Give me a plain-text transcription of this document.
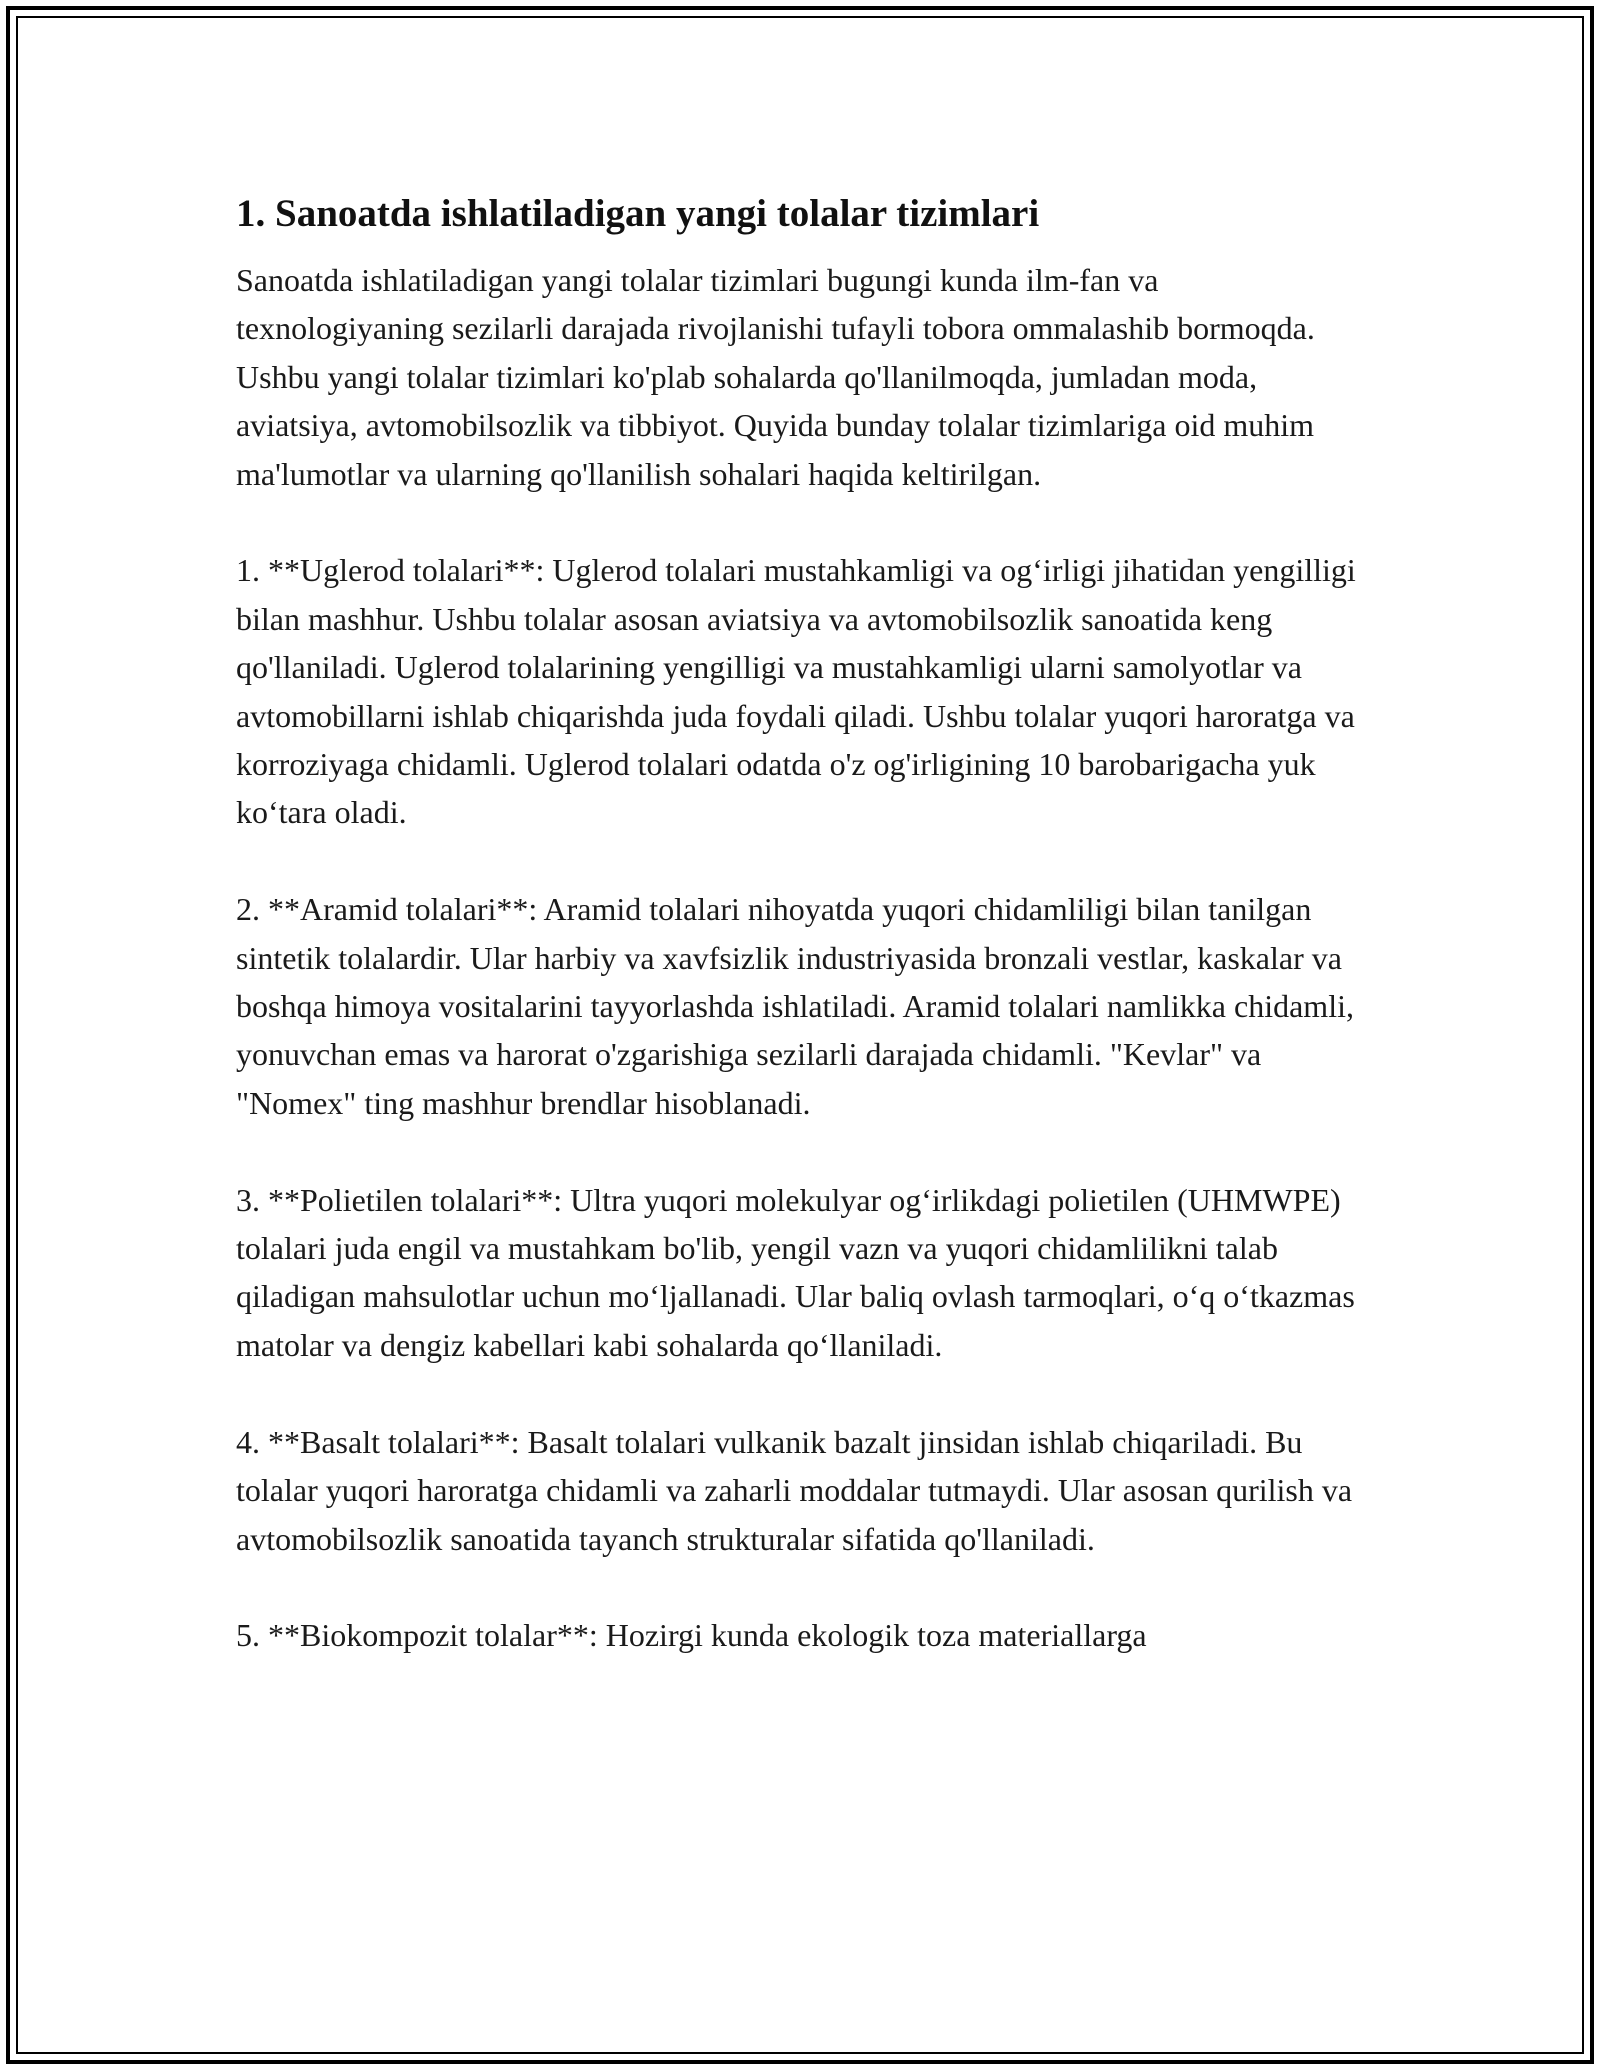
1. Sanoatda ishlatiladigan yangi tolalar tizimlari

Sanoatda ishlatiladigan yangi tolalar tizimlari bugungi kunda ilm-fan va texnologiyaning sezilarli darajada rivojlanishi tufayli tobora ommalashib bormoqda. Ushbu yangi tolalar tizimlari ko'plab sohalarda qo'llanilmoqda, jumladan moda, aviatsiya, avtomobilsozlik va tibbiyot. Quyida bunday tolalar tizimlariga oid muhim ma'lumotlar va ularning qo'llanilish sohalari haqida keltirilgan.

1. **Uglerod tolalari**: Uglerod tolalari mustahkamligi va og‘irligi jihatidan yengilligi bilan mashhur. Ushbu tolalar asosan aviatsiya va avtomobilsozlik sanoatida keng qo'llaniladi. Uglerod tolalarining yengilligi va mustahkamligi ularni samolyotlar va avtomobillarni ishlab chiqarishda juda foydali qiladi. Ushbu tolalar yuqori haroratga va korroziyaga chidamli. Uglerod tolalari odatda o'z og'irligining 10 barobarigacha yuk ko‘tara oladi.

2. **Aramid tolalari**: Aramid tolalari nihoyatda yuqori chidamliligi bilan tanilgan sintetik tolalardir. Ular harbiy va xavfsizlik industriyasida bronzali vestlar, kaskalar va boshqa himoya vositalarini tayyorlashda ishlatiladi. Aramid tolalari namlikka chidamli, yonuvchan emas va harorat o'zgarishiga sezilarli darajada chidamli. "Kevlar" va "Nomex" ting mashhur brendlar hisoblanadi.

3. **Polietilen tolalari**: Ultra yuqori molekulyar og‘irlikdagi polietilen (UHMWPE) tolalari juda engil va mustahkam bo'lib, yengil vazn va yuqori chidamlilikni talab qiladigan mahsulotlar uchun mo‘ljallanadi. Ular baliq ovlash tarmoqlari, o‘q o‘tkazmas matolar va dengiz kabellari kabi sohalarda qo‘llaniladi.

4. **Basalt tolalari**: Basalt tolalari vulkanik bazalt jinsidan ishlab chiqariladi. Bu tolalar yuqori haroratga chidamli va zaharli moddalar tutmaydi. Ular asosan qurilish va avtomobilsozlik sanoatida tayanch strukturalar sifatida qo'llaniladi.

5. **Biokompozit tolalar**: Hozirgi kunda ekologik toza materiallarga
